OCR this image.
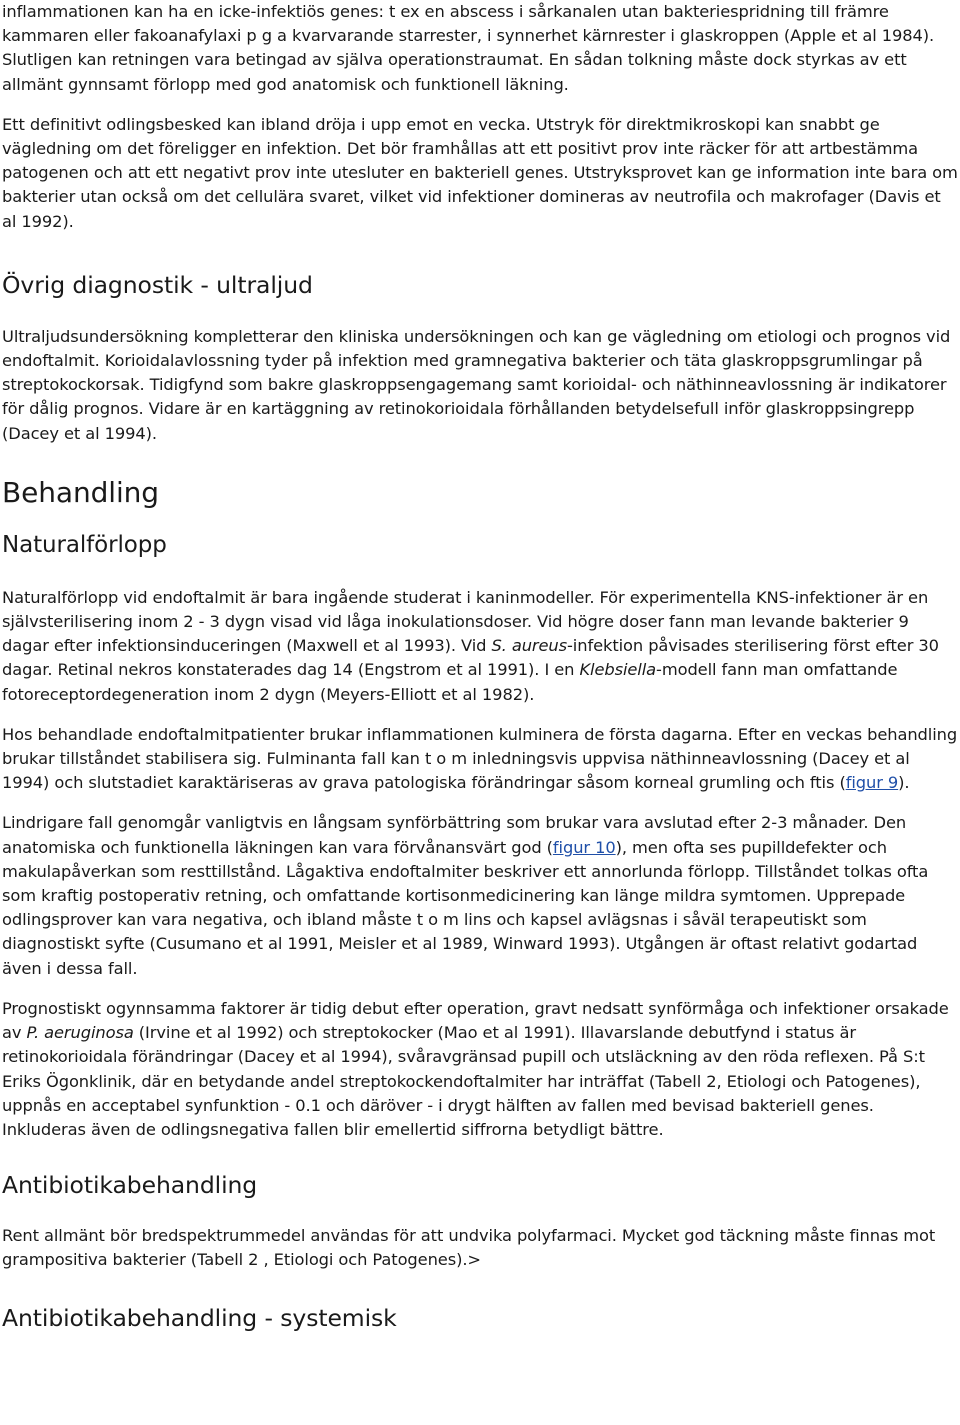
inflammationen kan ha en icke-infektiös genes: t ex en abscess i sårkanalen utan bakteriespridning till främre kammaren eller fakoanafylaxi p g a kvarvarande starrester, i synnerhet kärnrester i glaskroppen (Apple et al 1984). Slutligen kan retningen vara betingad av själva operationstraumat. En sådan tolkning måste dock styrkas av ett allmänt gynnsamt förlopp med god anatomisk och funktionell läkning.

Ett definitivt odlingsbesked kan ibland dröja i upp emot en vecka. Utstryk för direktmikroskopi kan snabbt ge vägledning om det föreligger en infektion. Det bör framhållas att ett positivt prov inte räcker för att artbestämma patogenen och att ett negativt prov inte utesluter en bakteriell genes. Utstryksprovet kan ge information inte bara om bakterier utan också om det cellulära svaret, vilket vid infektioner domineras av neutrofila och makrofager (Davis et al 1992).

Övrig diagnostik - ultraljud

Ultraljudsundersökning kompletterar den kliniska undersökningen och kan ge vägledning om etiologi och prognos vid endoftalmit. Korioidalavlossning tyder på infektion med gramnegativa bakterier och täta glaskroppsgrumlingar på streptokockorsak. Tidigfynd som bakre glaskroppsengagemang samt korioidal- och näthinneavlossning är indikatorer för dålig prognos. Vidare är en kartäggning av retinokorioidala förhållanden betydelsefull inför glaskroppsingrepp (Dacey et al 1994).

Behandling
Naturalförlopp

Naturalförlopp vid endoftalmit är bara ingående studerat i kaninmodeller. För experimentella KNS-infektioner är en självsterilisering inom 2 - 3 dygn visad vid låga inokulationsdoser. Vid högre doser fann man levande bakterier 9 dagar efter infektionsinduceringen (Maxwell et al 1993). Vid S. aureus-infektion påvisades sterilisering först efter 30 dagar. Retinal nekros konstaterades dag 14 (Engstrom et al 1991). I en Klebsiella-modell fann man omfattande fotoreceptordegeneration inom 2 dygn (Meyers-Elliott et al 1982).

Hos behandlade endoftalmitpatienter brukar inflammationen kulminera de första dagarna. Efter en veckas behandling brukar tillståndet stabilisera sig. Fulminanta fall kan t o m inledningsvis uppvisa näthinneavlossning (Dacey et al 1994) och slutstadiet karaktäriseras av grava patologiska förändringar såsom korneal grumling och ftis (figur 9).

Lindrigare fall genomgår vanligtvis en långsam synförbättring som brukar vara avslutad efter 2-3 månader. Den anatomiska och funktionella läkningen kan vara förvånansvärt god (figur 10), men ofta ses pupilldefekter och makulapåverkan som resttillstånd. Lågaktiva endoftalmiter beskriver ett annorlunda förlopp. Tillståndet tolkas ofta som kraftig postoperativ retning, och omfattande kortisonmedicinering kan länge mildra symtomen. Upprepade odlingsprover kan vara negativa, och ibland måste t o m lins och kapsel avlägsnas i såväl terapeutiskt som diagnostiskt syfte (Cusumano et al 1991, Meisler et al 1989, Winward 1993). Utgången är oftast relativt godartad även i dessa fall.

Prognostiskt ogynnsamma faktorer är tidig debut efter operation, gravt nedsatt synförmåga och infektioner orsakade av P. aeruginosa (Irvine et al 1992) och streptokocker (Mao et al 1991). Illavarslande debutfynd i status är retinokorioidala förändringar (Dacey et al 1994), svåravgränsad pupill och utsläckning av den röda reflexen. På S:t Eriks Ögonklinik, där en betydande andel streptokockendoftalmiter har inträffat (Tabell 2, Etiologi och Patogenes), uppnås en acceptabel synfunktion - 0.1 och däröver - i drygt hälften av fallen med bevisad bakteriell genes. Inkluderas även de odlingsnegativa fallen blir emellertid siffrorna betydligt bättre.

Antibiotikabehandling

Rent allmänt bör bredspektrummedel användas för att undvika polyfarmaci. Mycket god täckning måste finnas mot grampositiva bakterier (Tabell 2 , Etiologi och Patogenes).>

Antibiotikabehandling - systemisk
